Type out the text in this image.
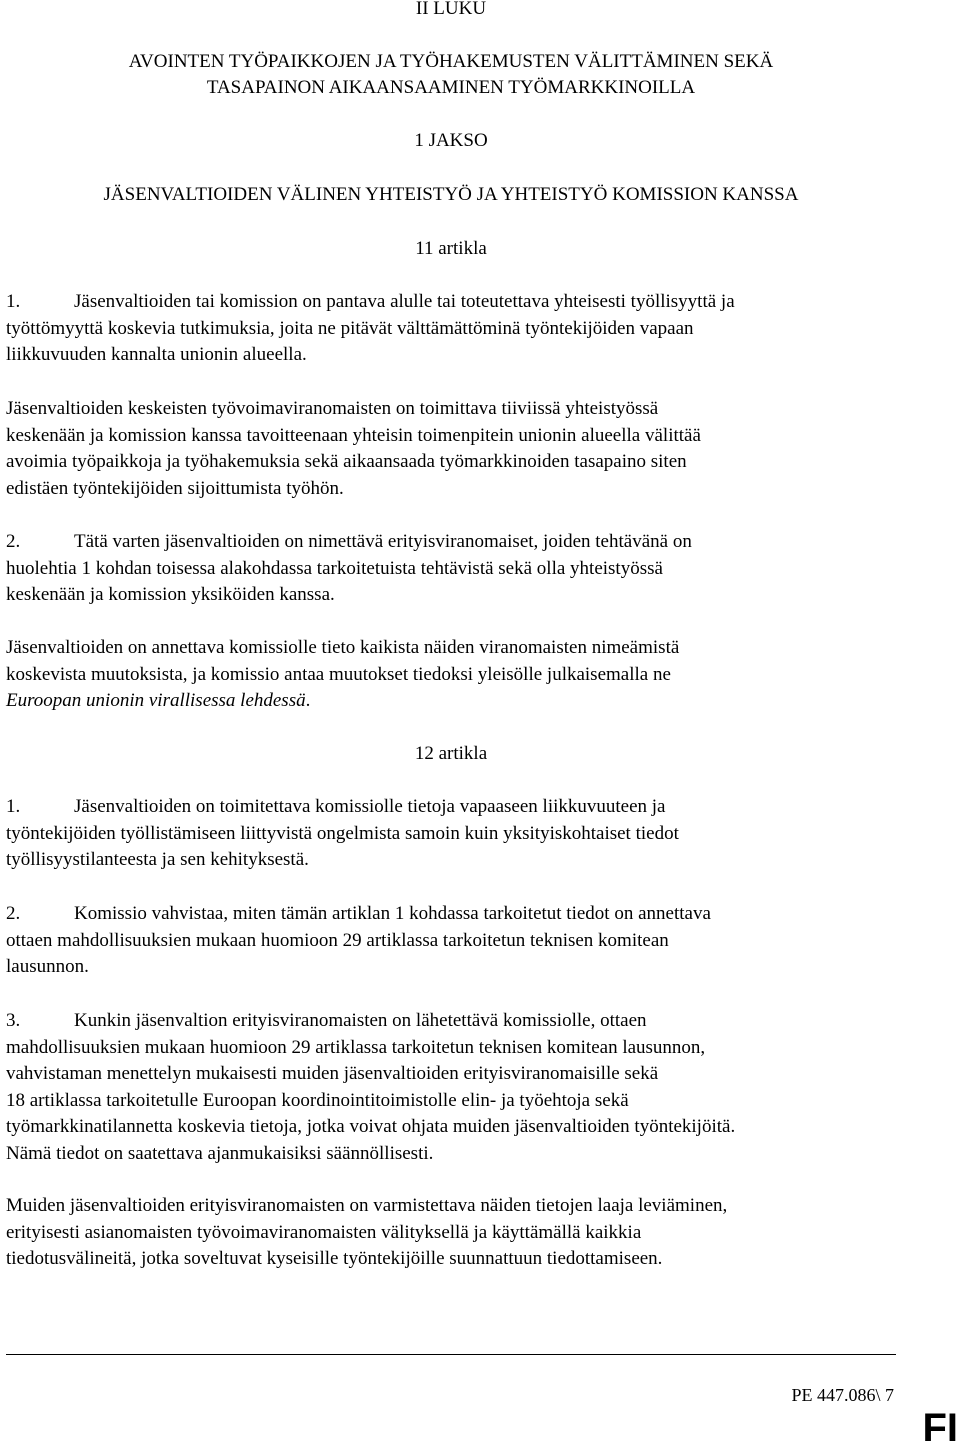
II LUKU
AVOINTEN TYÖPAIKKOJEN JA TYÖHAKEMUSTEN VÄLITTÄMINEN SEKÄ
TASAPAINON AIKAANSAAMINEN TYÖMARKKINOILLA
1 JAKSO
JÄSENVALTIOIDEN VÄLINEN YHTEISTYÖ JA YHTEISTYÖ KOMISSION KANSSA
11 artikla
1.	Jäsenvaltioiden tai komission on pantava alulle tai toteutettava yhteisesti työllisyyttä ja
työttömyyttä koskevia tutkimuksia, joita ne pitävät välttämättöminä työntekijöiden vapaan
liikkuvuuden kannalta unionin alueella.
Jäsenvaltioiden keskeisten työvoimaviranomaisten on toimittava tiiviissä yhteistyössä
keskenään ja komission kanssa tavoitteenaan yhteisin toimenpitein unionin alueella välittää
avoimia työpaikkoja ja työhakemuksia sekä aikaansaada työmarkkinoiden tasapaino siten
edistäen työntekijöiden sijoittumista työhön.
2.	Tätä varten jäsenvaltioiden on nimettävä erityisviranomaiset, joiden tehtävänä on
huolehtia 1 kohdan toisessa alakohdassa tarkoitetuista tehtävistä sekä olla yhteistyössä
keskenään ja komission yksiköiden kanssa.
Jäsenvaltioiden on annettava komissiolle tieto kaikista näiden viranomaisten nimeämistä
koskevista muutoksista, ja komissio antaa muutokset tiedoksi yleisölle julkaisemalla ne
Euroopan unionin virallisessa lehdessä.
12 artikla
1.	Jäsenvaltioiden on toimitettava komissiolle tietoja vapaaseen liikkuvuuteen ja
työntekijöiden työllistämiseen liittyvistä ongelmista samoin kuin yksityiskohtaiset tiedot
työllisyystilanteesta ja sen kehityksestä.
2.	Komissio vahvistaa, miten tämän artiklan 1 kohdassa tarkoitetut tiedot on annettava
ottaen mahdollisuuksien mukaan huomioon 29 artiklassa tarkoitetun teknisen komitean
lausunnon.
3.	Kunkin jäsenvaltion erityisviranomaisten on lähetettävä komissiolle, ottaen
mahdollisuuksien mukaan huomioon 29 artiklassa tarkoitetun teknisen komitean lausunnon,
vahvistaman menettelyn mukaisesti muiden jäsenvaltioiden erityisviranomaisille sekä
18 artiklassa tarkoitetulle Euroopan koordinointitoimistolle elin- ja työehtoja sekä
työmarkkinatilannetta koskevia tietoja, jotka voivat ohjata muiden jäsenvaltioiden työntekijöitä.
Nämä tiedot on saatettava ajanmukaisiksi säännöllisesti.
Muiden jäsenvaltioiden erityisviranomaisten on varmistettava näiden tietojen laaja leviäminen,
erityisesti asianomaisten työvoimaviranomaisten välityksellä ja käyttämällä kaikkia
tiedotusvälineitä, jotka soveltuvat kyseisille työntekijöille suunnattuun tiedottamiseen.
PE 447.086\ 7
FI
